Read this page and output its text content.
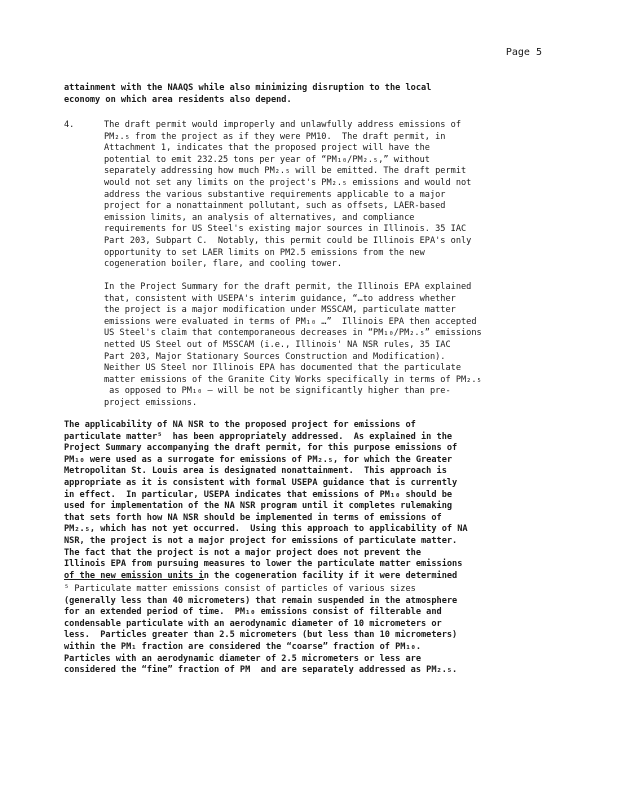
Page 5
attainment with the NAAQS while also minimizing disruption to the local
economy on which area residents also depend.
4.	The draft permit would improperly and unlawfully address emissions of
PM₂.₅ from the project as if they were PM10.  The draft permit, in
Attachment 1, indicates that the proposed project will have the
potential to emit 232.25 tons per year of “PM₁₀/PM₂.₅,” without
separately addressing how much PM₂.₅ will be emitted. The draft permit
would not set any limits on the project's PM₂.₅ emissions and would not
address the various substantive requirements applicable to a major
project for a nonattainment pollutant, such as offsets, LAER-based
emission limits, an analysis of alternatives, and compliance
requirements for US Steel's existing major sources in Illinois. 35 IAC
Part 203, Subpart C.  Notably, this permit could be Illinois EPA's only
opportunity to set LAER limits on PM2.5 emissions from the new
cogeneration boiler, flare, and cooling tower.
In the Project Summary for the draft permit, the Illinois EPA explained
that, consistent with USEPA's interim guidance, “…to address whether
the project is a major modification under MSSCAM, particulate matter
emissions were evaluated in terms of PM₁₀ …”  Illinois EPA then accepted
US Steel's claim that contemporaneous decreases in “PM₁₀/PM₂.₅” emissions
netted US Steel out of MSSCAM (i.e., Illinois' NA NSR rules, 35 IAC
Part 203, Major Stationary Sources Construction and Modification).
Neither US Steel nor Illinois EPA has documented that the particulate
matter emissions of the Granite City Works specifically in terms of PM₂.₅
as opposed to PM₁₀ – will be not be significantly higher than pre-
project emissions.
The applicability of NA NSR to the proposed project for emissions of
particulate matter⁵  has been appropriately addressed.  As explained in the
Project Summary accompanying the draft permit, for this purpose emissions of
PM₁₀ were used as a surrogate for emissions of PM₂.₅, for which the Greater
Metropolitan St. Louis area is designated nonattainment.  This approach is
appropriate as it is consistent with formal USEPA guidance that is currently
in effect.  In particular, USEPA indicates that emissions of PM₁₀ should be
used for implementation of the NA NSR program until it completes rulemaking
that sets forth how NA NSR should be implemented in terms of emissions of
PM₂.₅, which has not yet occurred.  Using this approach to applicability of NA
NSR, the project is not a major project for emissions of particulate matter.
The fact that the project is not a major project does not prevent the
Illinois EPA from pursuing measures to lower the particulate matter emissions
of the new emission units in the cogeneration facility if it were determined
⁵ Particulate matter emissions consist of particles of various sizes
(generally less than 40 micrometers) that remain suspended in the atmosphere
for an extended period of time.  PM₁₀ emissions consist of filterable and
condensable particulate with an aerodynamic diameter of 10 micrometers or
less.  Particles greater than 2.5 micrometers (but less than 10 micrometers)
within the PM₁ fraction are considered the “coarse” fraction of PM₁₀.
Particles with an aerodynamic diameter of 2.5 micrometers or less are
considered the “fine” fraction of PM  and are separately addressed as PM₂.₅.
